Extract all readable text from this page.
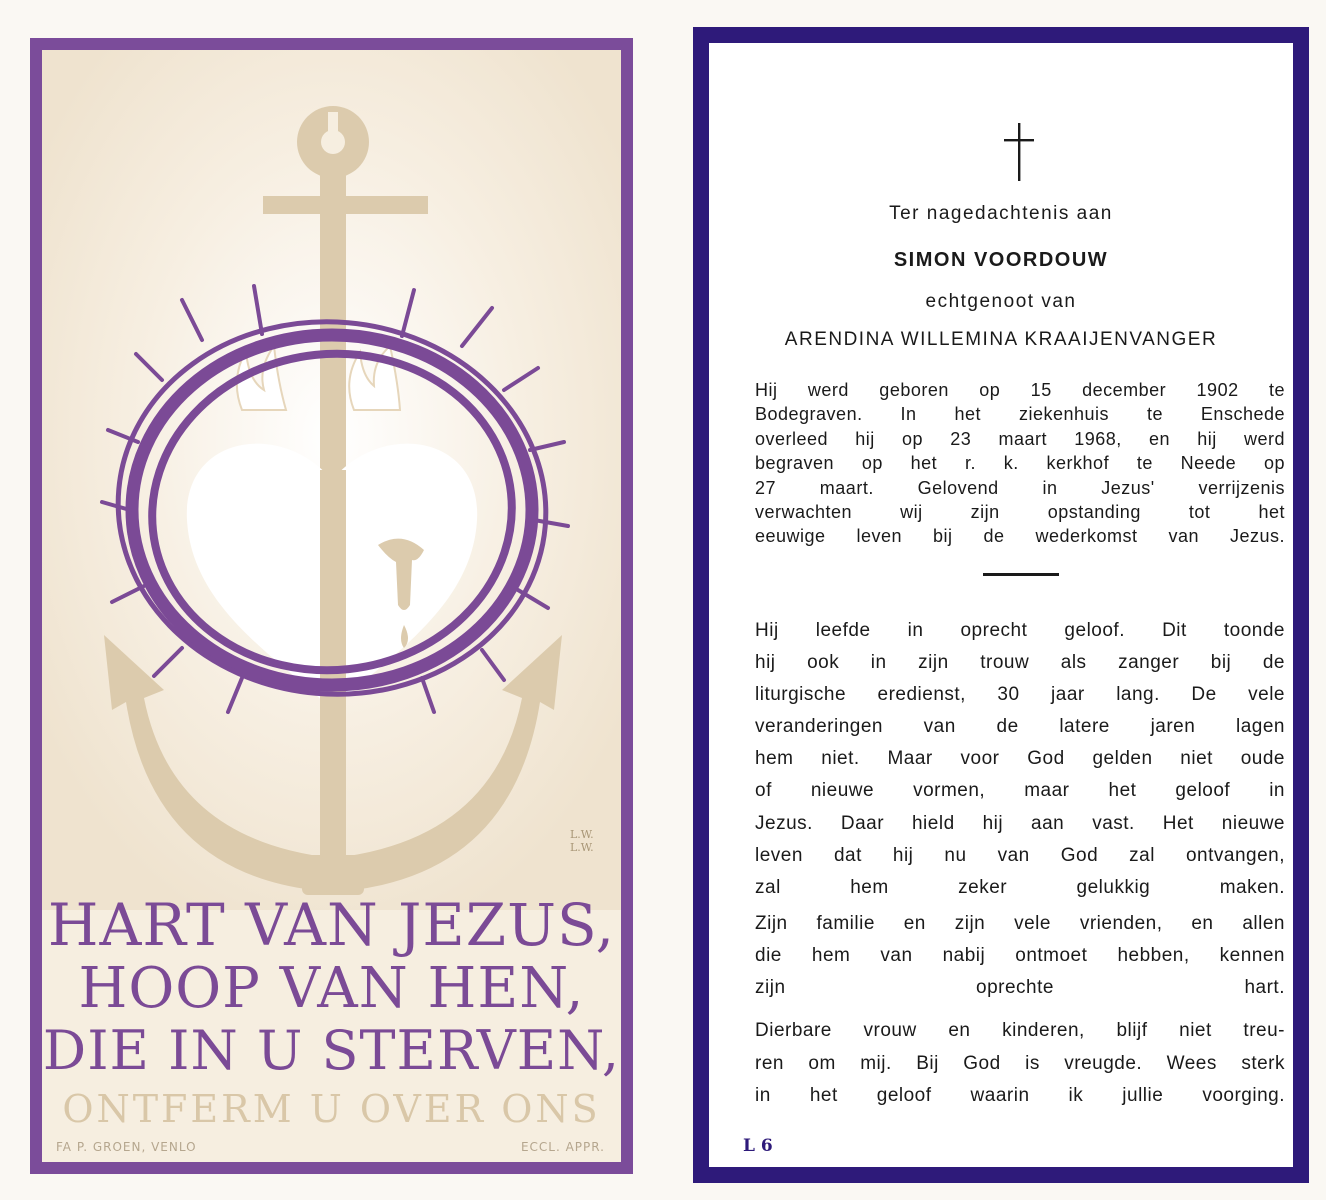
L.W.
L.W.
HART VAN JEZUS,
HOOP VAN HEN,
DIE IN U STERVEN,
ONTFERM U OVER ONS
FA P. GROEN, VENLO	ECCL. APPR.
Ter nagedachtenis aan
SIMON VOORDOUW
echtgenoot van
ARENDINA WILLEMINA KRAAIJENVANGER
Hij werd geboren op 15 december 1902 te
Bodegraven. In het ziekenhuis te Enschede
overleed hij op 23 maart 1968, en hij werd
begraven op het r. k. kerkhof te Neede op
27 maart. Gelovend in Jezus' verrijzenis
verwachten wij zijn opstanding tot het
eeuwige leven bij de wederkomst van Jezus.
Hij leefde in oprecht geloof. Dit toonde
hij ook in zijn trouw als zanger bij de
liturgische eredienst, 30 jaar lang. De vele
veranderingen van de latere jaren lagen
hem niet. Maar voor God gelden niet oude
of nieuwe vormen, maar het geloof in
Jezus. Daar hield hij aan vast. Het nieuwe
leven dat hij nu van God zal ontvangen,
zal hem zeker gelukkig maken.
Zijn familie en zijn vele vrienden, en allen
die hem van nabij ontmoet hebben, kennen
zijn oprechte hart.
Dierbare vrouw en kinderen, blijf niet treu-
ren om mij. Bij God is vreugde. Wees sterk
in het geloof waarin ik jullie voorging.
L 6
